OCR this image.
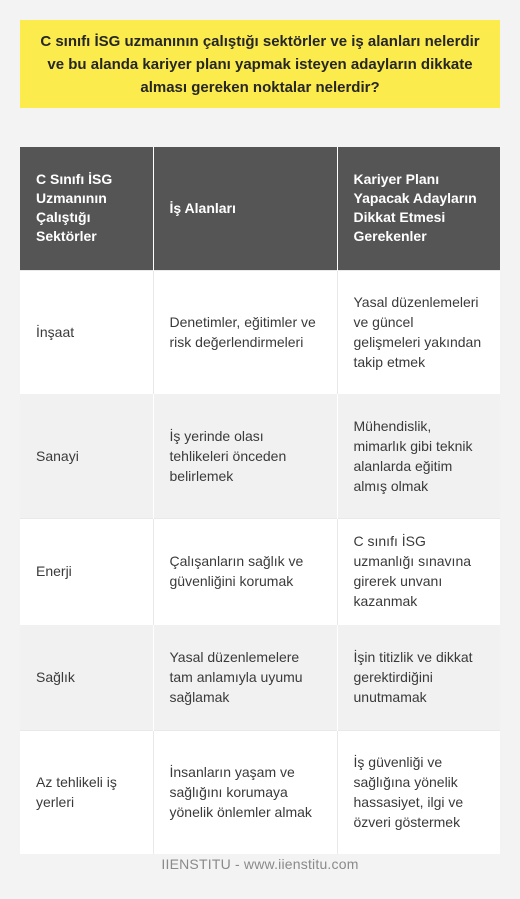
C sınıfı İSG uzmanının çalıştığı sektörler ve iş alanları nelerdir ve bu alanda kariyer planı yapmak isteyen adayların dikkate alması gereken noktalar nelerdir?

C Sınıfı İSG Uzmanının Çalıştığı Sektörler	İş Alanları	Kariyer Planı Yapacak Adayların Dikkat Etmesi Gerekenler
İnşaat	Denetimler, eğitimler ve risk değerlendirmeleri	Yasal düzenlemeleri ve güncel gelişmeleri yakından takip etmek
Sanayi	İş yerinde olası tehlikeleri önceden belirlemek	Mühendislik, mimarlık gibi teknik alanlarda eğitim almış olmak
Enerji	Çalışanların sağlık ve güvenliğini korumak	C sınıfı İSG uzmanlığı sınavına girerek unvanı kazanmak
Sağlık	Yasal düzenlemelere tam anlamıyla uyumu sağlamak	İşin titizlik ve dikkat gerektirdiğini unutmamak
Az tehlikeli iş yerleri	İnsanların yaşam ve sağlığını korumaya yönelik önlemler almak	İş güvenliği ve sağlığına yönelik hassasiyet, ilgi ve özveri göstermek
IIENSTITU - www.iienstitu.com
